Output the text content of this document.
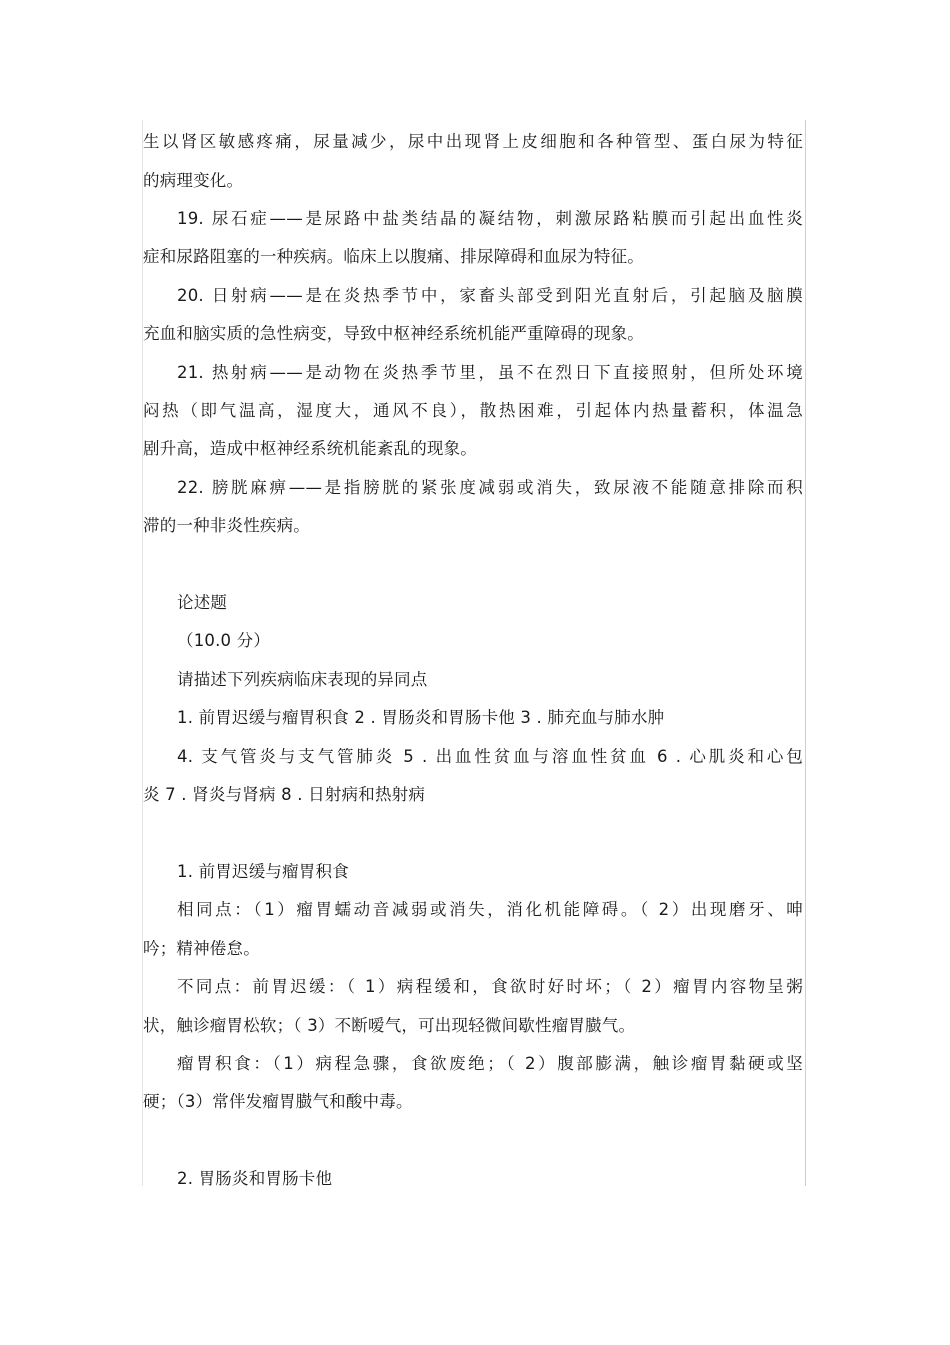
生以肾区敏感疼痛，尿量减少，尿中出现肾上皮细胞和各种管型、蛋白尿为特征
的病理变化。
19. 尿石症——是尿路中盐类结晶的凝结物，刺激尿路粘膜而引起出血性炎
症和尿路阻塞的一种疾病。临床上以腹痛、排尿障碍和血尿为特征。
20. 日射病——是在炎热季节中，家畜头部受到阳光直射后，引起脑及脑膜
充血和脑实质的急性病变，导致中枢神经系统机能严重障碍的现象。
21. 热射病——是动物在炎热季节里，虽不在烈日下直接照射，但所处环境
闷热（即气温高，湿度大，通风不良），散热困难，引起体内热量蓄积，体温急
剧升高，造成中枢神经系统机能紊乱的现象。
22. 膀胱麻痹——是指膀胱的紧张度减弱或消失，致尿液不能随意排除而积
滞的一种非炎性疾病。
论述题
（10.0 分）
请描述下列疾病临床表现的异同点
1. 前胃迟缓与瘤胃积食 2 . 胃肠炎和胃肠卡他 3 . 肺充血与肺水肿
4. 支气管炎与支气管肺炎 5 . 出血性贫血与溶血性贫血 6 . 心肌炎和心包
炎 7 . 肾炎与肾病 8 . 日射病和热射病
1. 前胃迟缓与瘤胃积食
相同点：（1）瘤胃蠕动音减弱或消失，消化机能障碍。（ 2）出现磨牙、呻
吟；精神倦怠。
不同点：前胃迟缓：（ 1）病程缓和，食欲时好时坏；（ 2）瘤胃内容物呈粥
状，触诊瘤胃松软；（ 3）不断嗳气，可出现轻微间歇性瘤胃臌气。
瘤胃积食：（1）病程急骤，食欲废绝；（ 2）腹部膨满，触诊瘤胃黏硬或坚
硬；（3）常伴发瘤胃臌气和酸中毒。
2. 胃肠炎和胃肠卡他
